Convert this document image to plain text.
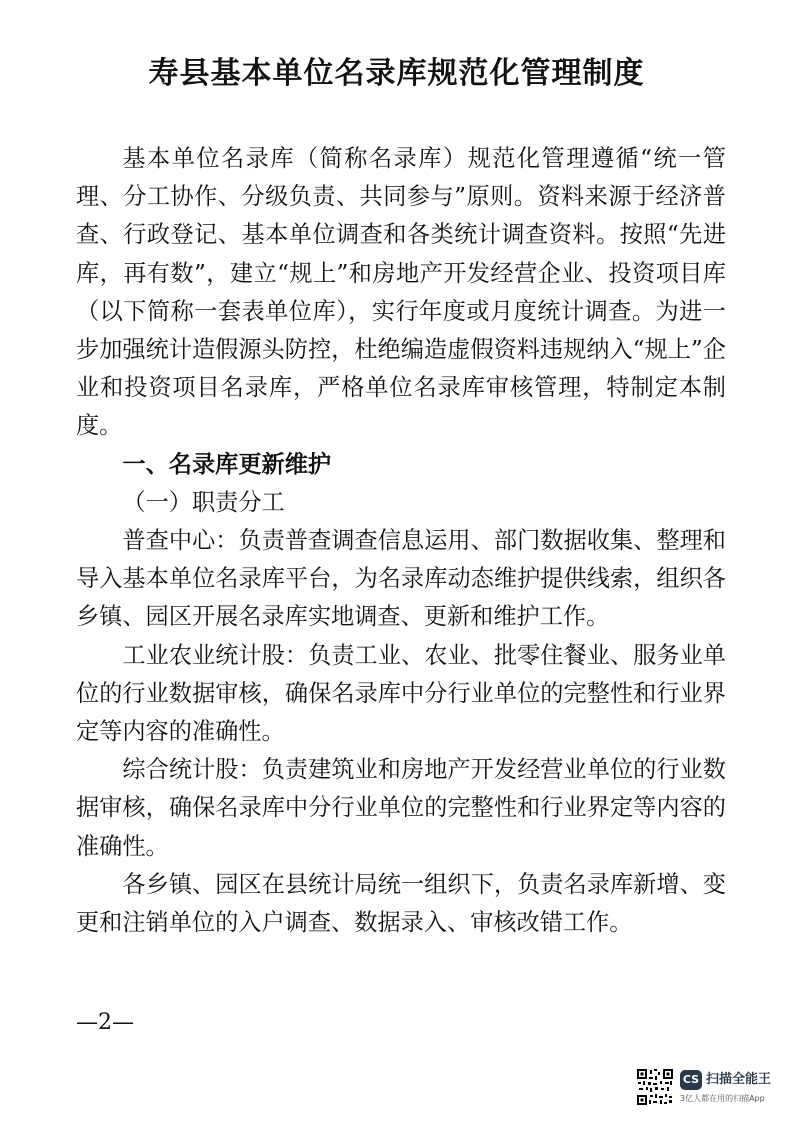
寿县基本单位名录库规范化管理制度

基本单位名录库（简称名录库）规范化管理遵循“统一管理、分工协作、分级负责、共同参与”原则。资料来源于经济普查、行政登记、基本单位调查和各类统计调查资料。按照“先进库，再有数”，建立“规上”和房地产开发经营企业、投资项目库（以下简称一套表单位库），实行年度或月度统计调查。为进一步加强统计造假源头防控，杜绝编造虚假资料违规纳入“规上”企业和投资项目名录库，严格单位名录库审核管理，特制定本制度。

一、名录库更新维护

（一）职责分工

普查中心：负责普查调查信息运用、部门数据收集、整理和导入基本单位名录库平台，为名录库动态维护提供线索，组织各乡镇、园区开展名录库实地调查、更新和维护工作。

工业农业统计股：负责工业、农业、批零住餐业、服务业单位的行业数据审核，确保名录库中分行业单位的完整性和行业界定等内容的准确性。

综合统计股：负责建筑业和房地产开发经营业单位的行业数据审核，确保名录库中分行业单位的完整性和行业界定等内容的准确性。

各乡镇、园区在县统计局统一组织下，负责名录库新增、变更和注销单位的入户调查、数据录入、审核改错工作。

—2—
CS 扫描全能王
3亿人都在用的扫描App
